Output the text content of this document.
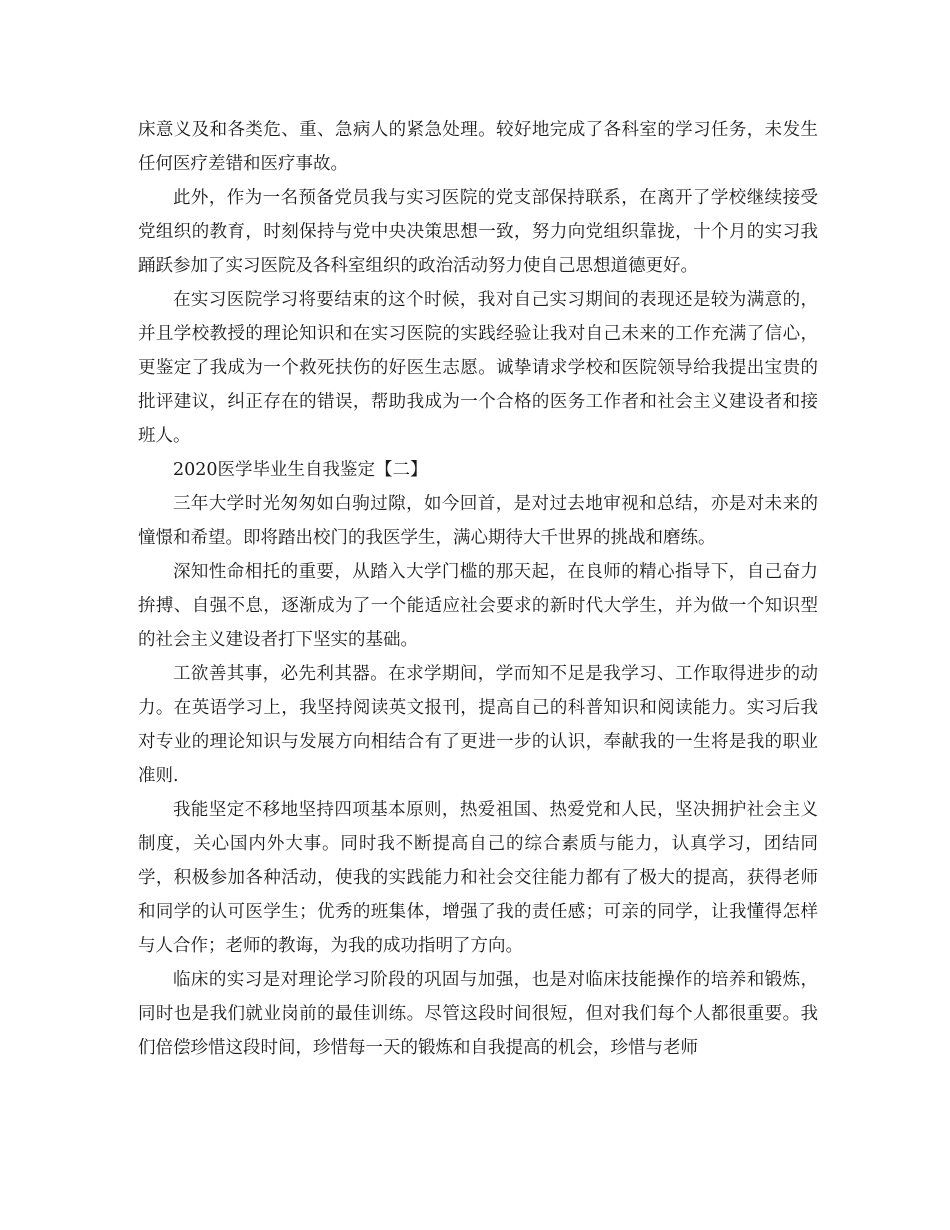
床意义及和各类危、重、急病人的紧急处理。较好地完成了各科室的学习任务，未发生任何医疗差错和医疗事故。

此外，作为一名预备党员我与实习医院的党支部保持联系，在离开了学校继续接受党组织的教育，时刻保持与党中央决策思想一致，努力向党组织靠拢，十个月的实习我踊跃参加了实习医院及各科室组织的政治活动努力使自己思想道德更好。

在实习医院学习将要结束的这个时候，我对自己实习期间的表现还是较为满意的，并且学校教授的理论知识和在实习医院的实践经验让我对自己未来的工作充满了信心，更鉴定了我成为一个救死扶伤的好医生志愿。诚挚请求学校和医院领导给我提出宝贵的批评建议，纠正存在的错误，帮助我成为一个合格的医务工作者和社会主义建设者和接班人。

2020医学毕业生自我鉴定【二】

三年大学时光匆匆如白驹过隙，如今回首，是对过去地审视和总结，亦是对未来的憧憬和希望。即将踏出校门的我医学生，满心期待大千世界的挑战和磨练。

深知性命相托的重要，从踏入大学门槛的那天起，在良师的精心指导下，自己奋力拚搏、自强不息，逐渐成为了一个能适应社会要求的新时代大学生，并为做一个知识型的社会主义建设者打下坚实的基础。

工欲善其事，必先利其器。在求学期间，学而知不足是我学习、工作取得进步的动力。在英语学习上，我坚持阅读英文报刊，提高自己的科普知识和阅读能力。实习后我对专业的理论知识与发展方向相结合有了更进一步的认识，奉献我的一生将是我的职业准则.

我能坚定不移地坚持四项基本原则，热爱祖国、热爱党和人民，坚决拥护社会主义制度，关心国内外大事。同时我不断提高自己的综合素质与能力，认真学习，团结同学，积极参加各种活动，使我的实践能力和社会交往能力都有了极大的提高，获得老师和同学的认可医学生；优秀的班集体，增强了我的责任感；可亲的同学，让我懂得怎样与人合作；老师的教诲，为我的成功指明了方向。

临床的实习是对理论学习阶段的巩固与加强，也是对临床技能操作的培养和锻炼，同时也是我们就业岗前的最佳训练。尽管这段时间很短，但对我们每个人都很重要。我们倍偿珍惜这段时间，珍惜每一天的锻炼和自我提高的机会，珍惜与老师
